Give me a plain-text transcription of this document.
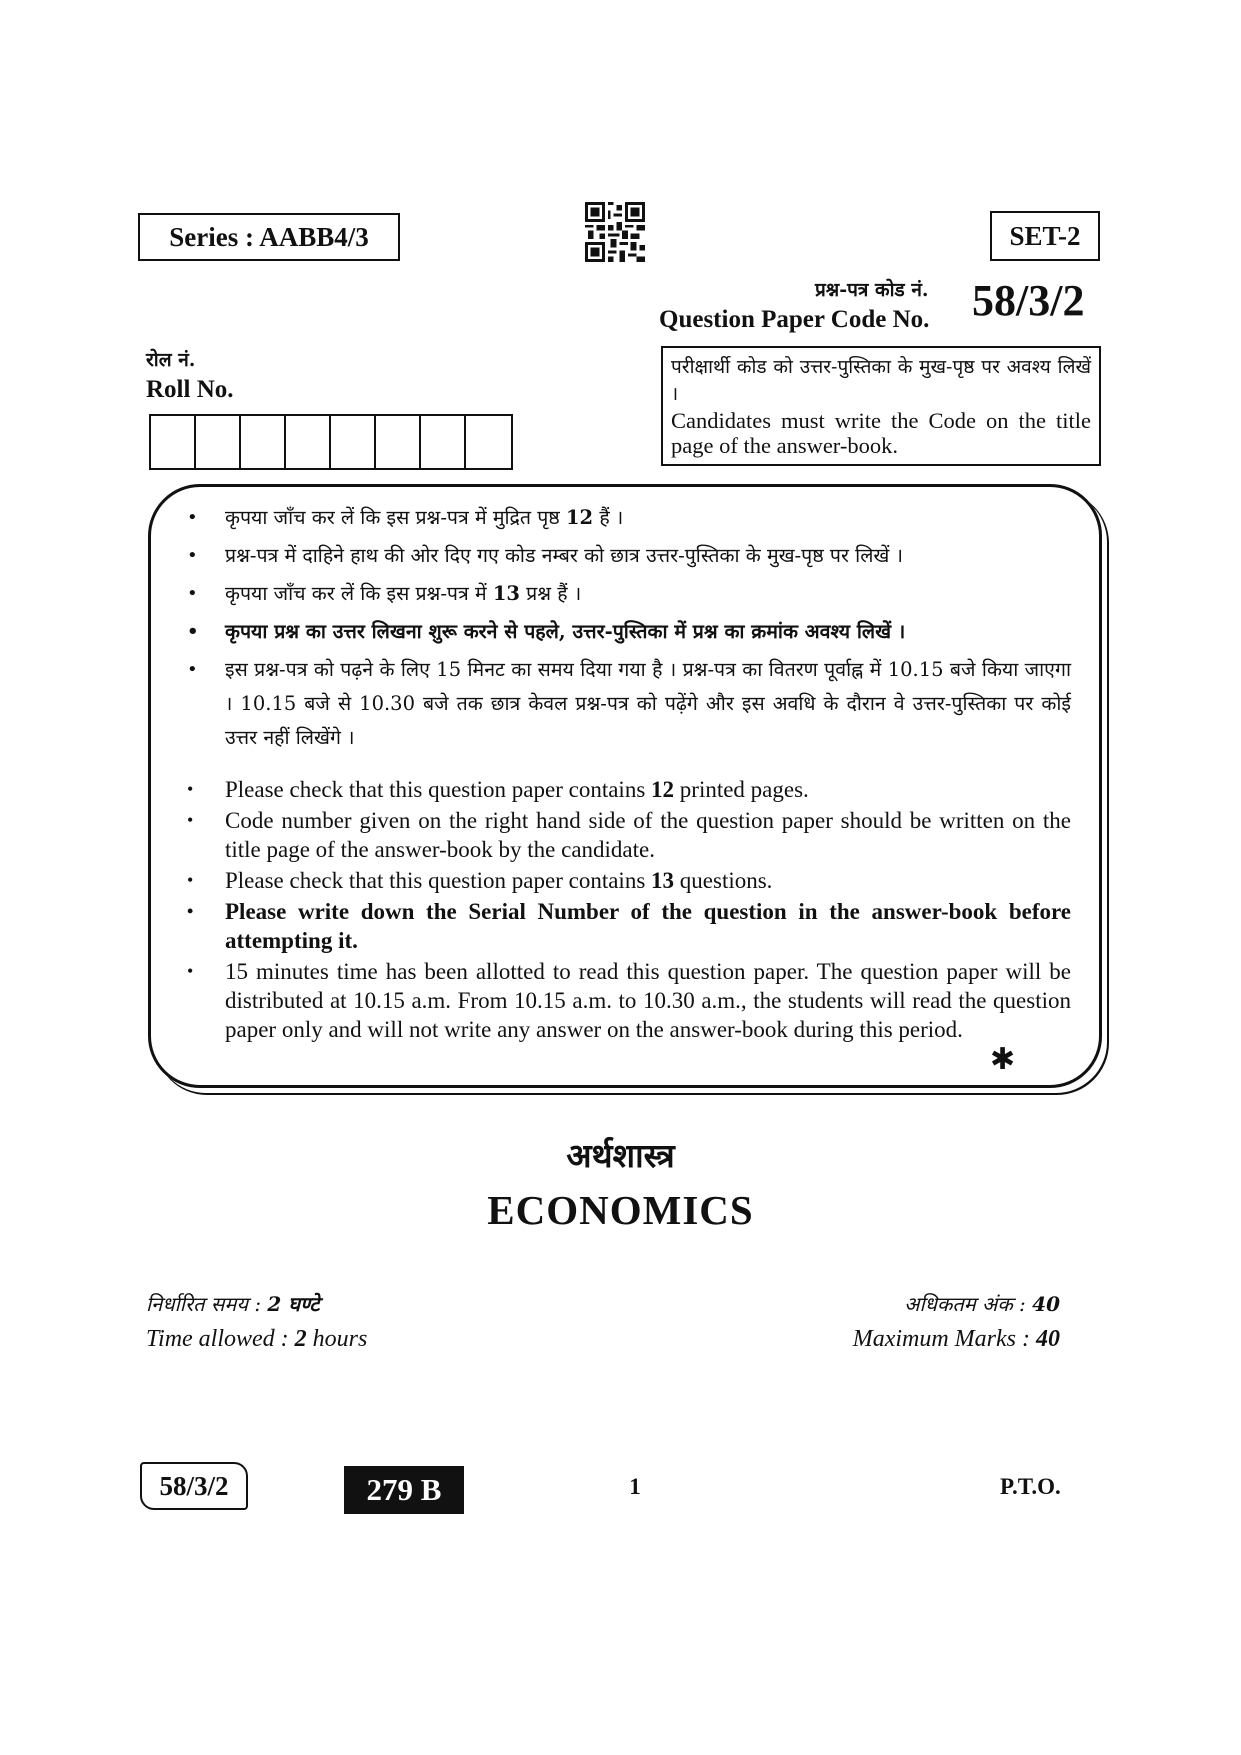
Series : AABB4/3	SET-2
प्रश्न-पत्र कोड नं.
Question Paper Code No. 58/3/2
रोल नं.
Roll No.
परीक्षार्थी कोड को उत्तर-पुस्तिका के मुख-पृष्ठ पर अवश्य लिखें ।
Candidates must write the Code on the title page of the answer-book.
• कृपया जाँच कर लें कि इस प्रश्न-पत्र में मुद्रित पृष्ठ 12 हैं ।
• प्रश्न-पत्र में दाहिने हाथ की ओर दिए गए कोड नम्बर को छात्र उत्तर-पुस्तिका के मुख-पृष्ठ पर लिखें ।
• कृपया जाँच कर लें कि इस प्रश्न-पत्र में 13 प्रश्न हैं ।
• कृपया प्रश्न का उत्तर लिखना शुरू करने से पहले, उत्तर-पुस्तिका में प्रश्न का क्रमांक अवश्य लिखें ।
• इस प्रश्न-पत्र को पढ़ने के लिए 15 मिनट का समय दिया गया है । प्रश्न-पत्र का वितरण पूर्वाह्न में 10.15 बजे किया जाएगा । 10.15 बजे से 10.30 बजे तक छात्र केवल प्रश्न-पत्र को पढ़ेंगे और इस अवधि के दौरान वे उत्तर-पुस्तिका पर कोई उत्तर नहीं लिखेंगे ।
• Please check that this question paper contains 12 printed pages.
• Code number given on the right hand side of the question paper should be written on the title page of the answer-book by the candidate.
• Please check that this question paper contains 13 questions.
• Please write down the Serial Number of the question in the answer-book before attempting it.
• 15 minutes time has been allotted to read this question paper. The question paper will be distributed at 10.15 a.m. From 10.15 a.m. to 10.30 a.m., the students will read the question paper only and will not write any answer on the answer-book during this period.
✱
अर्थशास्त्र
ECONOMICS
निर्धारित समय : 2 घण्टे
Time allowed : 2 hours
अधिकतम अंक : 40
Maximum Marks : 40
58/3/2	279 B	1	P.T.O.
